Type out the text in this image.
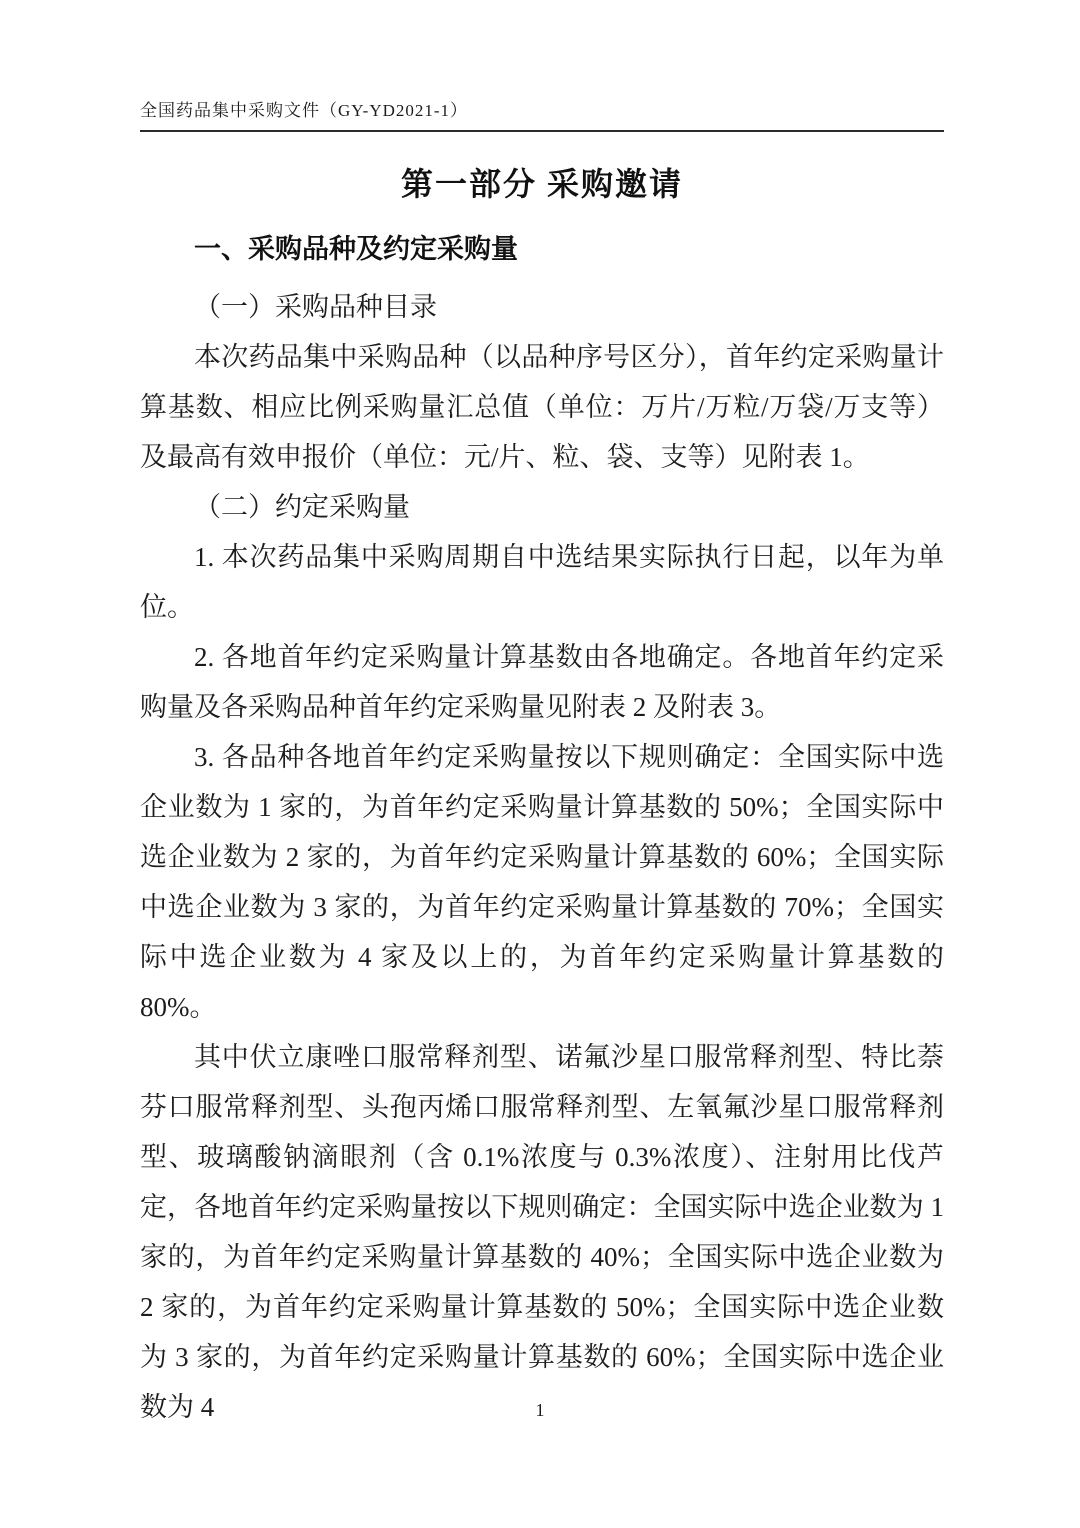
全国药品集中采购文件（GY-YD2021-1）
第一部分 采购邀请
一、采购品种及约定采购量

（一）采购品种目录

本次药品集中采购品种（以品种序号区分），首年约定采购量计算基数、相应比例采购量汇总值（单位：万片/万粒/万袋/万支等）及最高有效申报价（单位：元/片、粒、袋、支等）见附表 1。

（二）约定采购量

1. 本次药品集中采购周期自中选结果实际执行日起，以年为单位。

2. 各地首年约定采购量计算基数由各地确定。各地首年约定采购量及各采购品种首年约定采购量见附表 2 及附表 3。

3. 各品种各地首年约定采购量按以下规则确定：全国实际中选企业数为 1 家的，为首年约定采购量计算基数的 50%；全国实际中选企业数为 2 家的，为首年约定采购量计算基数的 60%；全国实际中选企业数为 3 家的，为首年约定采购量计算基数的 70%；全国实际中选企业数为 4 家及以上的，为首年约定采购量计算基数的 80%。

其中伏立康唑口服常释剂型、诺氟沙星口服常释剂型、特比萘芬口服常释剂型、头孢丙烯口服常释剂型、左氧氟沙星口服常释剂型、玻璃酸钠滴眼剂（含 0.1%浓度与 0.3%浓度）、注射用比伐芦定，各地首年约定采购量按以下规则确定：全国实际中选企业数为 1 家的，为首年约定采购量计算基数的 40%；全国实际中选企业数为 2 家的，为首年约定采购量计算基数的 50%；全国实际中选企业数为 3 家的，为首年约定采购量计算基数的 60%；全国实际中选企业数为 4	1
